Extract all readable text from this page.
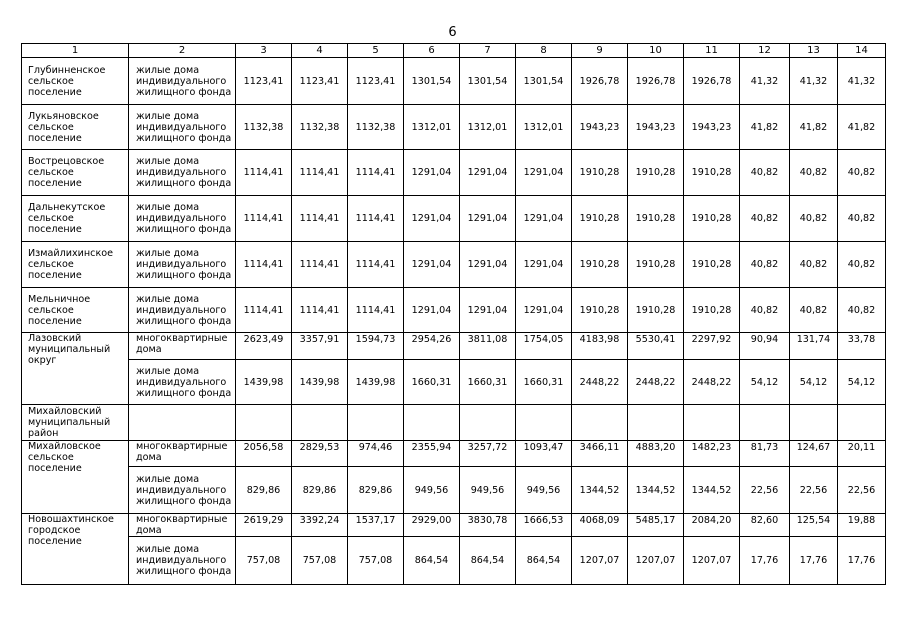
6
1	2	3	4	5	6	7	8	9	10	11	12	13	14
Глубинненское сельское поселение	жилые дома индивидуального жилищного фонда	1123,41	1123,41	1123,41	1301,54	1301,54	1301,54	1926,78	1926,78	1926,78	41,32	41,32	41,32
Лукьяновское сельское поселение	жилые дома индивидуального жилищного фонда	1132,38	1132,38	1132,38	1312,01	1312,01	1312,01	1943,23	1943,23	1943,23	41,82	41,82	41,82
Вострецовское сельское поселение	жилые дома индивидуального жилищного фонда	1114,41	1114,41	1114,41	1291,04	1291,04	1291,04	1910,28	1910,28	1910,28	40,82	40,82	40,82
Дальнекутское сельское поселение	жилые дома индивидуального жилищного фонда	1114,41	1114,41	1114,41	1291,04	1291,04	1291,04	1910,28	1910,28	1910,28	40,82	40,82	40,82
Измайлихинское сельское поселение	жилые дома индивидуального жилищного фонда	1114,41	1114,41	1114,41	1291,04	1291,04	1291,04	1910,28	1910,28	1910,28	40,82	40,82	40,82
Мельничное сельское поселение	жилые дома индивидуального жилищного фонда	1114,41	1114,41	1114,41	1291,04	1291,04	1291,04	1910,28	1910,28	1910,28	40,82	40,82	40,82
Лазовский муниципальный округ	многоквартирные дома	2623,49	3357,91	1594,73	2954,26	3811,08	1754,05	4183,98	5530,41	2297,92	90,94	131,74	33,78
	жилые дома индивидуального жилищного фонда	1439,98	1439,98	1439,98	1660,31	1660,31	1660,31	2448,22	2448,22	2448,22	54,12	54,12	54,12
Михайловский муниципальный район													
Михайловское сельское поселение	многоквартирные дома	2056,58	2829,53	974,46	2355,94	3257,72	1093,47	3466,11	4883,20	1482,23	81,73	124,67	20,11
	жилые дома индивидуального жилищного фонда	829,86	829,86	829,86	949,56	949,56	949,56	1344,52	1344,52	1344,52	22,56	22,56	22,56
Новошахтинское городское поселение	многоквартирные дома	2619,29	3392,24	1537,17	2929,00	3830,78	1666,53	4068,09	5485,17	2084,20	82,60	125,54	19,88
	жилые дома индивидуального жилищного фонда	757,08	757,08	757,08	864,54	864,54	864,54	1207,07	1207,07	1207,07	17,76	17,76	17,76
